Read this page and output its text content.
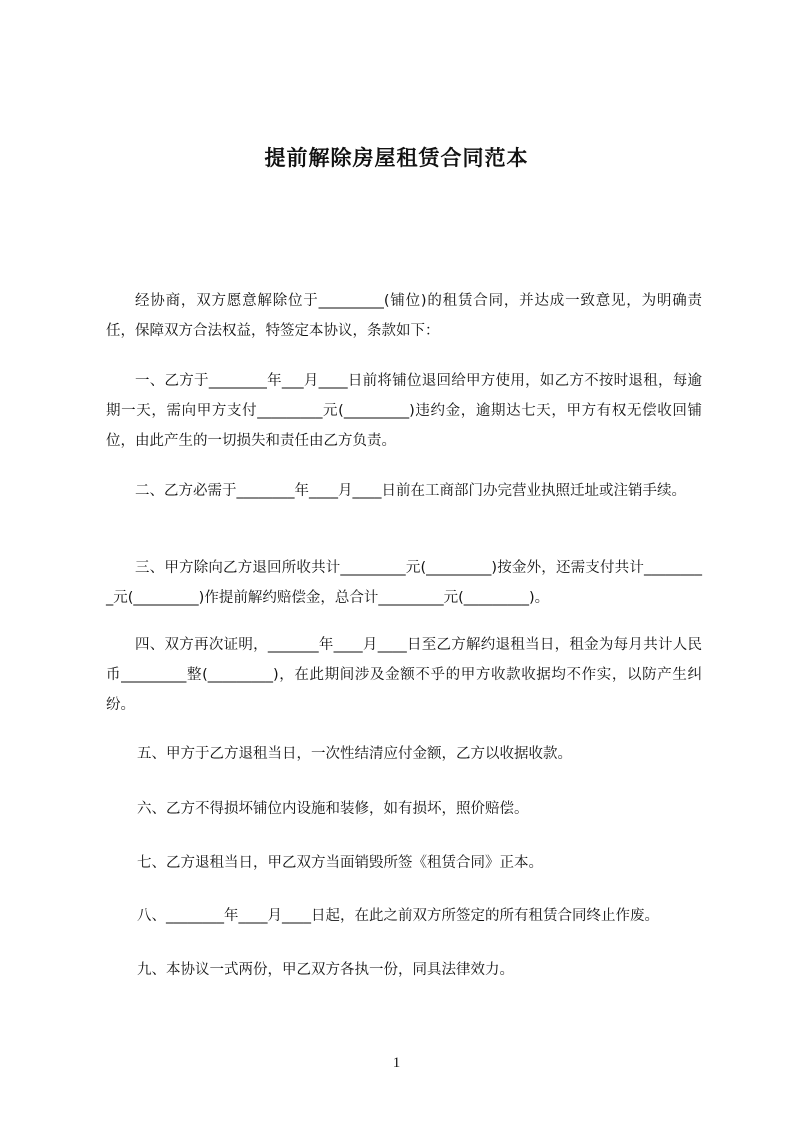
提前解除房屋租赁合同范本

经协商，双方愿意解除位于_________(铺位)的租赁合同，并达成一致意见，为明确责任，保障双方合法权益，特签定本协议，条款如下：

一、乙方于________年___月____日前将铺位退回给甲方使用，如乙方不按时退租，每逾期一天，需向甲方支付_________元(_________)违约金，逾期达七天，甲方有权无偿收回铺位，由此产生的一切损失和责任由乙方负责。

二、乙方必需于________年____月____日前在工商部门办完营业执照迁址或注销手续。

三、甲方除向乙方退回所收共计_________元(_________)按金外，还需支付共计_________元(_________)作提前解约赔偿金，总合计_________元(_________)。

四、双方再次证明，_______年____月____日至乙方解约退租当日，租金为每月共计人民币_________整(_________)，在此期间涉及金额不乎的甲方收款收据均不作实，以防产生纠纷。

五、甲方于乙方退租当日，一次性结清应付金额，乙方以收据收款。

六、乙方不得损坏铺位内设施和装修，如有损坏，照价赔偿。

七、乙方退租当日，甲乙双方当面销毁所签《租赁合同》正本。

八、________年____月____日起，在此之前双方所签定的所有租赁合同终止作废。

九、本协议一式两份，甲乙双方各执一份，同具法律效力。

1
